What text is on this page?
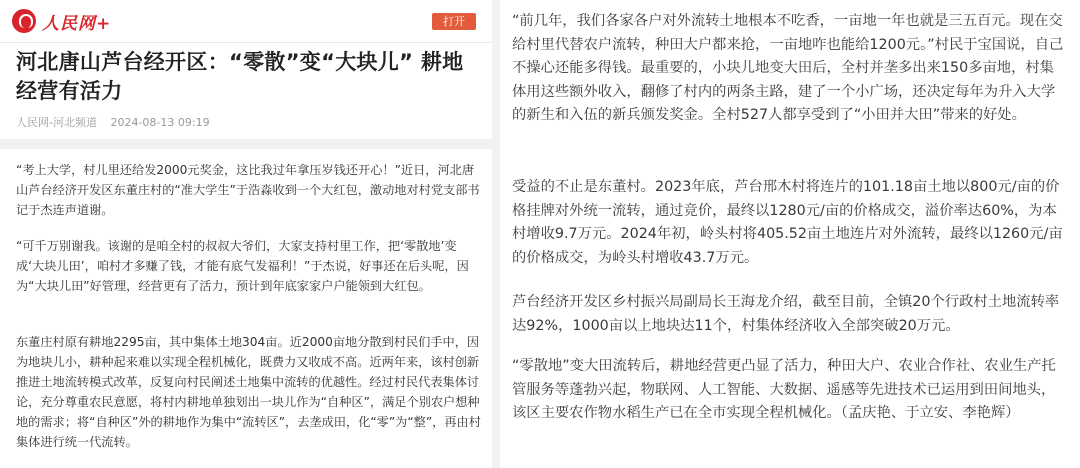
人民网+	打开
河北唐山芦台经开区：“零散”变“大块儿” 耕地经营有活力
人民网-河北频道 2024-08-13 09:19
“考上大学，村儿里还给发2000元奖金，这比我过年拿压岁钱还开心！”近日，河北唐山芦台经济开发区东董庄村的“准大学生”于浩淼收到一个大红包，激动地对村党支部书记于杰连声道谢。
“可千万别谢我。该谢的是咱全村的叔叔大爷们，大家支持村里工作，把‘零散地’变成‘大块儿田’，咱村才多赚了钱，才能有底气发福利！”于杰说，好事还在后头呢，因为“大块儿田”好管理，经营更有了活力，预计到年底家家户户能领到大红包。
东董庄村原有耕地2295亩，其中集体土地304亩。近2000亩地分散到村民们手中，因为地块儿小，耕种起来难以实现全程机械化，既费力又收成不高。近两年来，该村创新推进土地流转模式改革，反复向村民阐述土地集中流转的优越性。经过村民代表集体讨论，充分尊重农民意愿，将村内耕地单独划出一块儿作为“自种区”，满足个别农户想种地的需求；将“自种区”外的耕地作为集中“流转区”，去垄成田，化“零”为“整”，再由村集体进行统一代流转。
“前几年，我们各家各户对外流转土地根本不吃香，一亩地一年也就是三五百元。现在交给村里代替农户流转，种田大户都来抢，一亩地咋也能给1200元。”村民于宝国说，自己不操心还能多得钱。最重要的，小块儿地变大田后，全村并垄多出来150多亩地，村集体用这些额外收入，翻修了村内的两条主路，建了一个小广场，还决定每年为升入大学的新生和入伍的新兵颁发奖金。全村527人都享受到了“小田并大田”带来的好处。
受益的不止是东董村。2023年底，芦台邢木村将连片的101.18亩土地以800元/亩的价格挂牌对外统一流转，通过竞价，最终以1280元/亩的价格成交，溢价率达60%，为本村增收9.7万元。2024年初，岭头村将405.52亩土地连片对外流转，最终以1260元/亩的价格成交，为岭头村增收43.7万元。
芦台经济开发区乡村振兴局副局长王海龙介绍，截至目前，全镇20个行政村土地流转率达92%，1000亩以上地块达11个，村集体经济收入全部突破20万元。
“零散地”变大田流转后，耕地经营更凸显了活力，种田大户、农业合作社、农业生产托管服务等蓬勃兴起，物联网、人工智能、大数据、遥感等先进技术已运用到田间地头，该区主要农作物水稻生产已在全市实现全程机械化。（孟庆艳、于立安、李艳辉）
